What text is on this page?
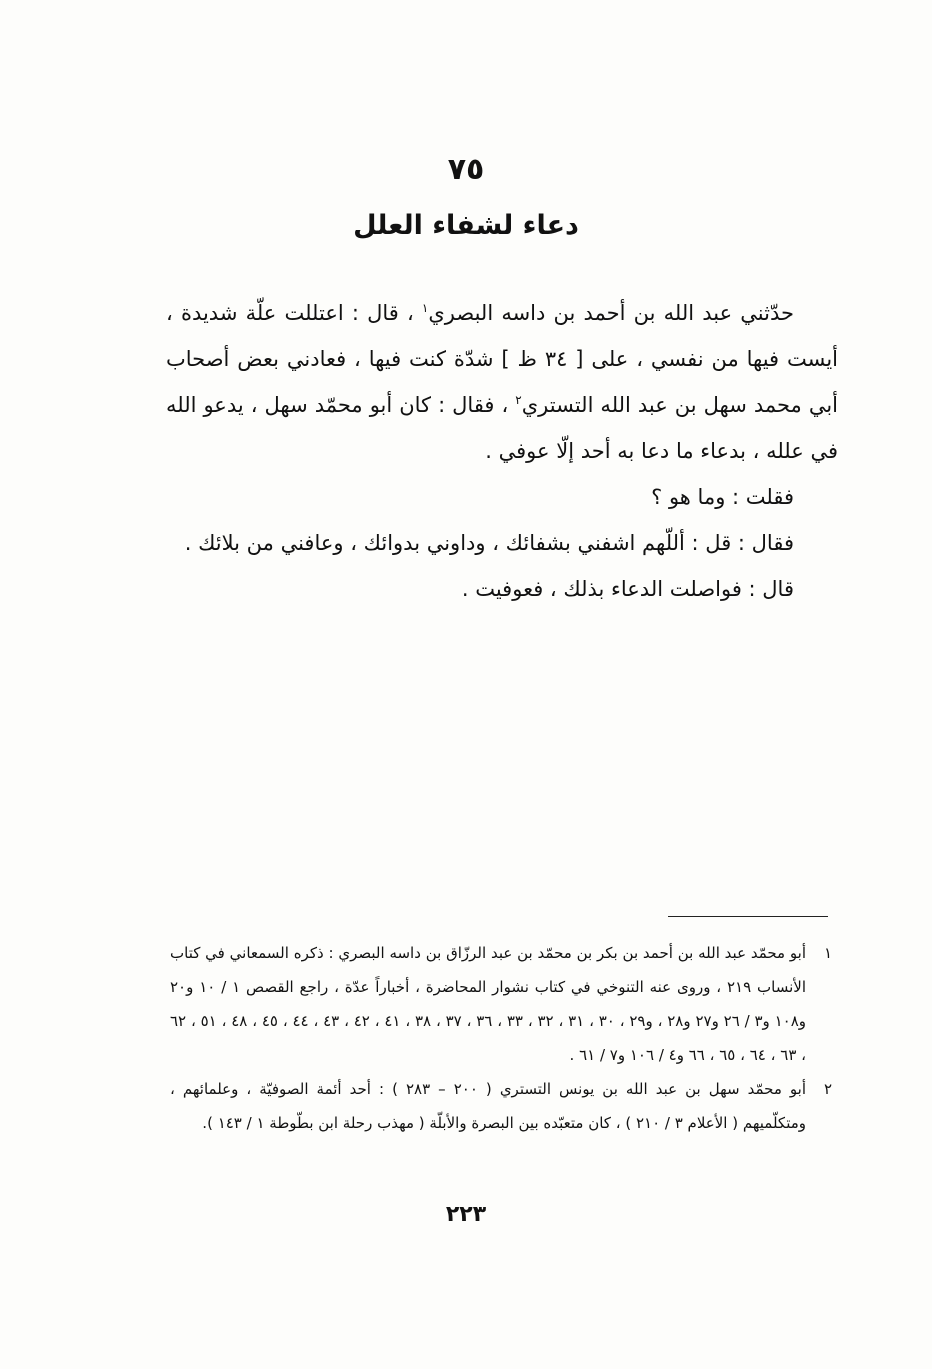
٧٥
دعاء لشفاء العلل

حدّثني عبد الله بن أحمد بن داسه البصري$^١$ ، قال : اعتللت علّة شديدة ، أيست فيها من نفسي ، على [ ٣٤ ظ ] شدّة كنت فيها ، فعادني بعض أصحاب أبي محمد سهل بن عبد الله التستري$^٢$ ، فقال : كان أبو محمّد سهل ، يدعو الله في علله ، بدعاء ما دعا به أحد إلّا عوفي .

فقلت : وما هو ؟

فقال : قل : أللّهم اشفني بشفائك ، وداوني بدوائك ، وعافني من بلائك .

قال : فواصلت الدعاء بذلك ، فعوفيت .

١
أبو محمّد عبد الله بن أحمد بن بكر بن محمّد بن عبد الرزّاق بن داسه البصري : ذكره السمعاني في كتاب الأنساب ٢١٩ ، وروى عنه التنوخي في كتاب نشوار المحاضرة ، أخباراً عدّة ، راجع القصص ١ / ١٠ و٢٠ و١٠٨ و٣ / ٢٦ و٢٧ و٢٨ ، و٢٩ ، ٣٠ ، ٣١ ، ٣٢ ، ٣٣ ، ٣٦ ، ٣٧ ، ٣٨ ، ٤١ ، ٤٢ ، ٤٣ ، ٤٤ ، ٤٥ ، ٤٨ ، ٥١ ، ٦٢ ، ٦٣ ، ٦٤ ، ٦٥ ، ٦٦ و٤ / ١٠٦ و٧ / ٦١ .
٢
أبو محمّد سهل بن عبد الله بن يونس التستري ( ٢٠٠ – ٢٨٣ ) : أحد أئمة الصوفيّة ، وعلمائهم ، ومتكلّميهم ( الأعلام ٣ / ٢١٠ ) ، كان متعبّده بين البصرة والأبلّة ( مهذب رحلة ابن بطّوطة ١ / ١٤٣ ).
٢٢٣
